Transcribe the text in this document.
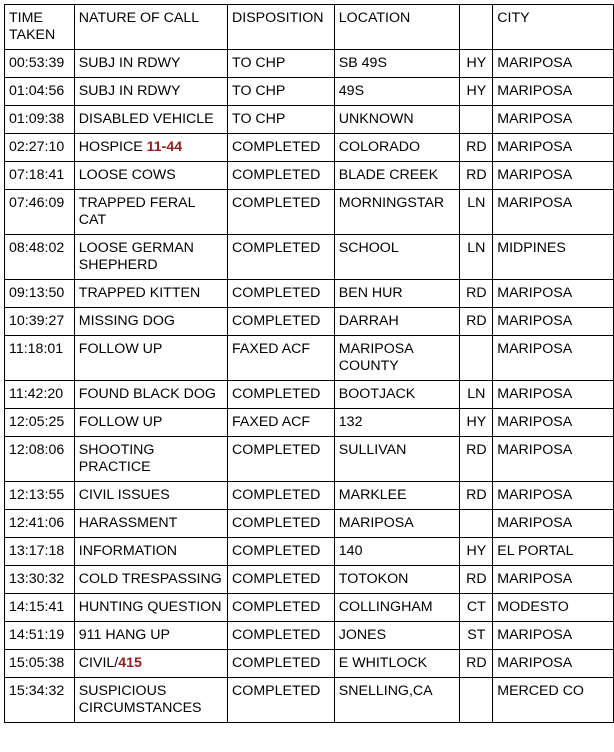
TIME TAKEN	NATURE OF CALL	DISPOSITION	LOCATION		CITY
00:53:39	SUBJ IN RDWY	TO CHP	SB 49S	HY	MARIPOSA
01:04:56	SUBJ IN RDWY	TO CHP	49S	HY	MARIPOSA
01:09:38	DISABLED VEHICLE	TO CHP	UNKNOWN		MARIPOSA
02:27:10	HOSPICE 11-44	COMPLETED	COLORADO	RD	MARIPOSA
07:18:41	LOOSE COWS	COMPLETED	BLADE CREEK	RD	MARIPOSA
07:46:09	TRAPPED FERAL CAT	COMPLETED	MORNINGSTAR	LN	MARIPOSA
08:48:02	LOOSE GERMAN SHEPHERD	COMPLETED	SCHOOL	LN	MIDPINES
09:13:50	TRAPPED KITTEN	COMPLETED	BEN HUR	RD	MARIPOSA
10:39:27	MISSING DOG	COMPLETED	DARRAH	RD	MARIPOSA
11:18:01	FOLLOW UP	FAXED ACF	MARIPOSA COUNTY		MARIPOSA
11:42:20	FOUND BLACK DOG	COMPLETED	BOOTJACK	LN	MARIPOSA
12:05:25	FOLLOW UP	FAXED ACF	132	HY	MARIPOSA
12:08:06	SHOOTING PRACTICE	COMPLETED	SULLIVAN	RD	MARIPOSA
12:13:55	CIVIL ISSUES	COMPLETED	MARKLEE	RD	MARIPOSA
12:41:06	HARASSMENT	COMPLETED	MARIPOSA		MARIPOSA
13:17:18	INFORMATION	COMPLETED	140	HY	EL PORTAL
13:30:32	COLD TRESPASSING	COMPLETED	TOTOKON	RD	MARIPOSA
14:15:41	HUNTING QUESTION	COMPLETED	COLLINGHAM	CT	MODESTO
14:51:19	911 HANG UP	COMPLETED	JONES	ST	MARIPOSA
15:05:38	CIVIL/415	COMPLETED	E WHITLOCK	RD	MARIPOSA
15:34:32	SUSPICIOUS CIRCUMSTANCES	COMPLETED	SNELLING,CA		MERCED CO
